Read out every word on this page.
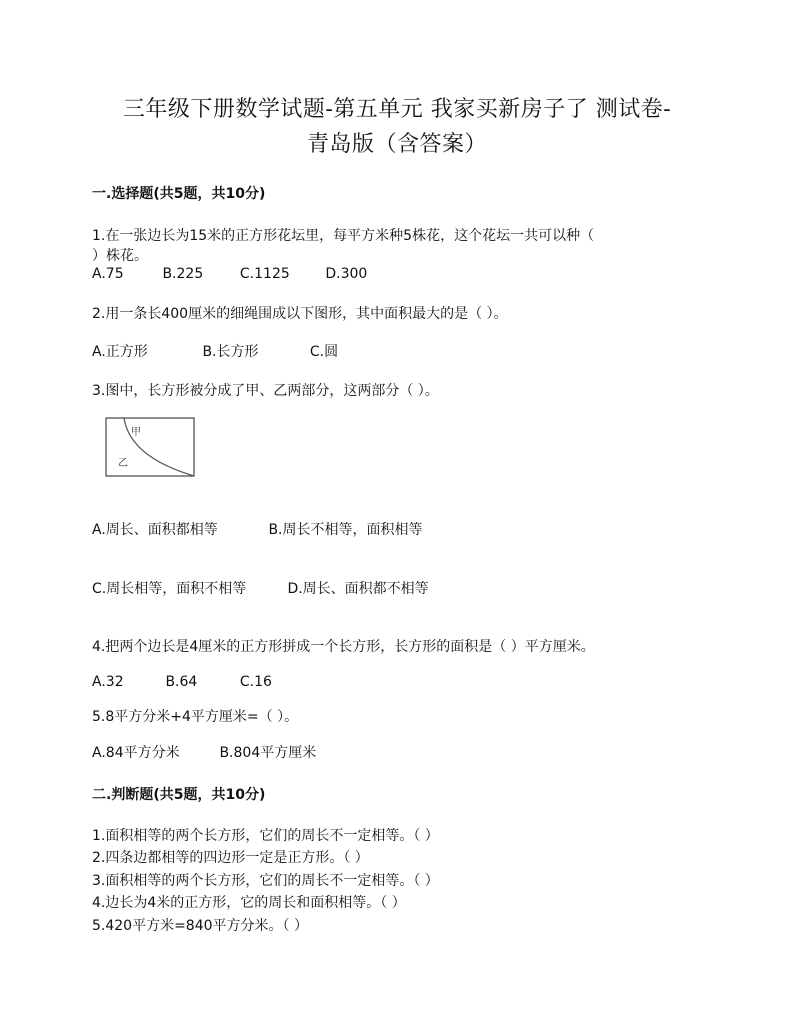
三年级下册数学试题-第五单元 我家买新房子了 测试卷-
青岛版（含答案）
一.选择题(共5题，共10分)
1.在一张边长为15米的正方形花坛里，每平方米种5株花，这个花坛一共可以种（
）株花。
A.75	B.225	C.1125	D.300
2.用一条长400厘米的细绳围成以下图形，其中面积最大的是（ ）。
A.正方形	B.长方形	C.圆
3.图中，长方形被分成了甲、乙两部分，这两部分（ ）。
甲
乙
A.周长、面积都相等	B.周长不相等，面积相等
C.周长相等，面积不相等	D.周长、面积都不相等
4.把两个边长是4厘米的正方形拼成一个长方形，长方形的面积是（ ）平方厘米。
A.32	B.64	C.16
5.8平方分米+4平方厘米=（ ）。
A.84平方分米	B.804平方厘米
二.判断题(共5题，共10分)
1.面积相等的两个长方形，它们的周长不一定相等。（ ）
2.四条边都相等的四边形一定是正方形。（ ）
3.面积相等的两个长方形，它们的周长不一定相等。（ ）
4.边长为4米的正方形，它的周长和面积相等。（ ）
5.420平方米=840平方分米。（ ）
